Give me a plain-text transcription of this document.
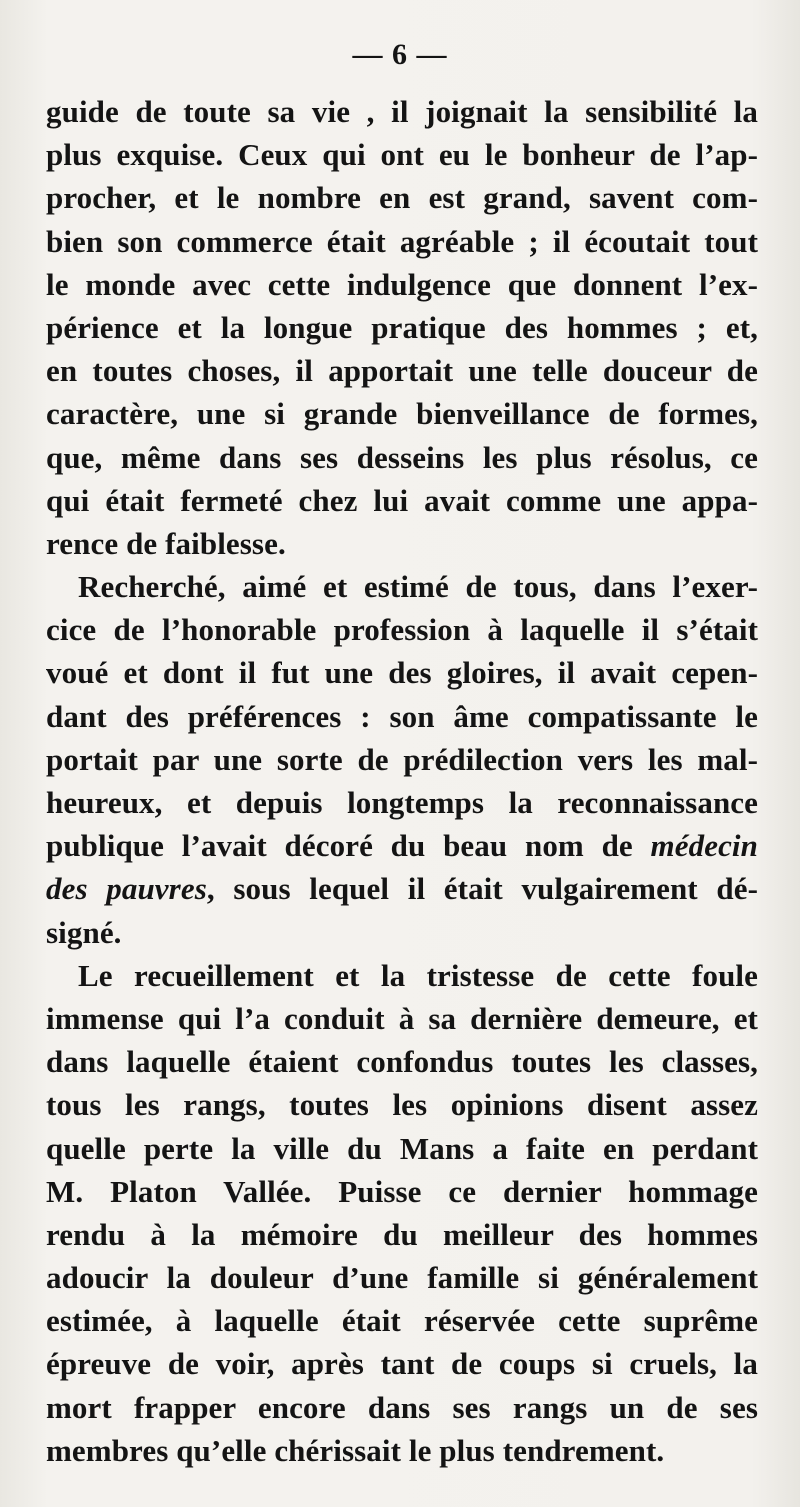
— 6 —
guide de toute sa vie , il joignait la sensibilité la
plus exquise. Ceux qui ont eu le bonheur de l’ap-
procher, et le nombre en est grand, savent com-
bien son commerce était agréable ; il écoutait tout
le monde avec cette indulgence que donnent l’ex-
périence et la longue pratique des hommes ; et,
en toutes choses, il apportait une telle douceur de
caractère, une si grande bienveillance de formes,
que, même dans ses desseins les plus résolus, ce
qui était fermeté chez lui avait comme une appa-
rence de faiblesse.
Recherché, aimé et estimé de tous, dans l’exer-
cice de l’honorable profession à laquelle il s’était
voué et dont il fut une des gloires, il avait cepen-
dant des préférences : son âme compatissante le
portait par une sorte de prédilection vers les mal-
heureux, et depuis longtemps la reconnaissance
publique l’avait décoré du beau nom de médecin
des pauvres, sous lequel il était vulgairement dé-
signé.
Le recueillement et la tristesse de cette foule
immense qui l’a conduit à sa dernière demeure, et
dans laquelle étaient confondus toutes les classes,
tous les rangs, toutes les opinions disent assez
quelle perte la ville du Mans a faite en perdant
M. Platon Vallée. Puisse ce dernier hommage
rendu à la mémoire du meilleur des hommes
adoucir la douleur d’une famille si généralement
estimée, à laquelle était réservée cette suprême
épreuve de voir, après tant de coups si cruels, la
mort frapper encore dans ses rangs un de ses
membres qu’elle chérissait le plus tendrement.
